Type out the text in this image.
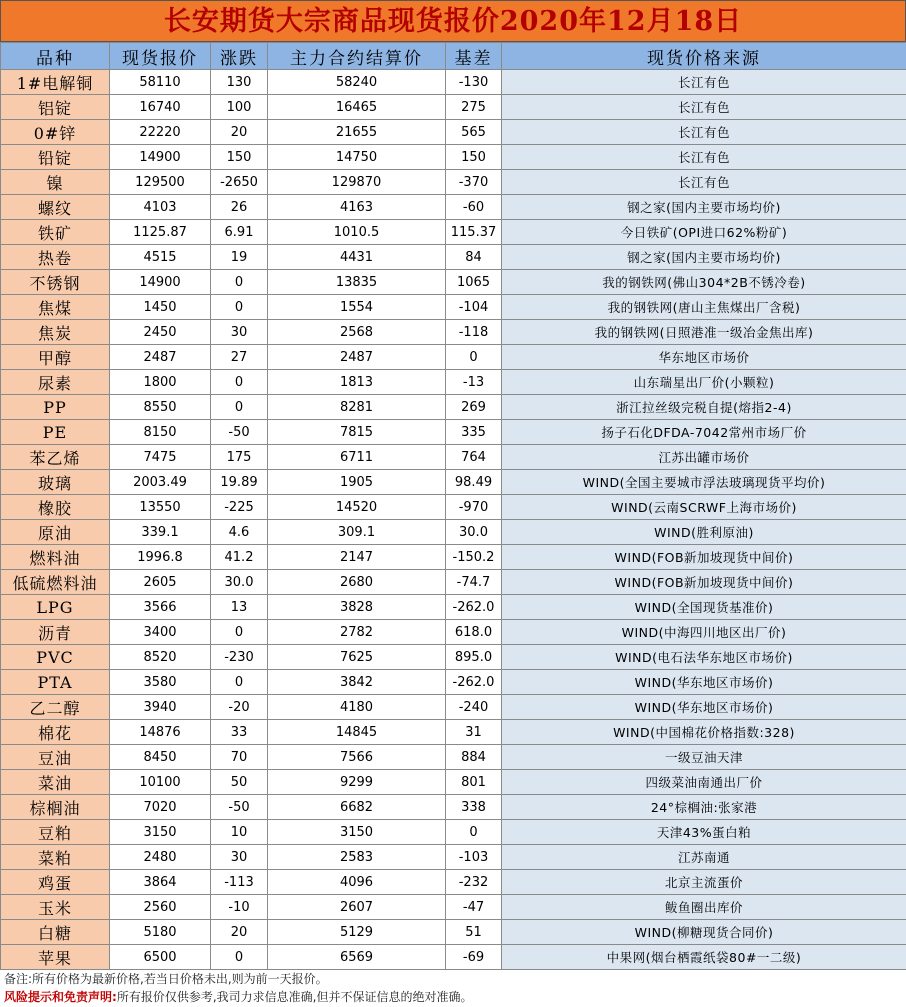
长安期货大宗商品现货报价2020年12月18日
品种	现货报价	涨跌	主力合约结算价	基差	现货价格来源
1#电解铜	58110	130	58240	-130	长江有色
铝锭	16740	100	16465	275	长江有色
0#锌	22220	20	21655	565	长江有色
铅锭	14900	150	14750	150	长江有色
镍	129500	-2650	129870	-370	长江有色
螺纹	4103	26	4163	-60	钢之家(国内主要市场均价)
铁矿	1125.87	6.91	1010.5	115.37	今日铁矿(OPI进口62%粉矿)
热卷	4515	19	4431	84	钢之家(国内主要市场均价)
不锈钢	14900	0	13835	1065	我的钢铁网(佛山304*2B不锈冷卷)
焦煤	1450	0	1554	-104	我的钢铁网(唐山主焦煤出厂含税)
焦炭	2450	30	2568	-118	我的钢铁网(日照港准一级冶金焦出库)
甲醇	2487	27	2487	0	华东地区市场价
尿素	1800	0	1813	-13	山东瑞星出厂价(小颗粒)
PP	8550	0	8281	269	浙江拉丝级完税自提(熔指2-4)
PE	8150	-50	7815	335	扬子石化DFDA-7042常州市场厂价
苯乙烯	7475	175	6711	764	江苏出罐市场价
玻璃	2003.49	19.89	1905	98.49	WIND(全国主要城市浮法玻璃现货平均价)
橡胶	13550	-225	14520	-970	WIND(云南SCRWF上海市场价)
原油	339.1	4.6	309.1	30.0	WIND(胜利原油)
燃料油	1996.8	41.2	2147	-150.2	WIND(FOB新加坡现货中间价)
低硫燃料油	2605	30.0	2680	-74.7	WIND(FOB新加坡现货中间价)
LPG	3566	13	3828	-262.0	WIND(全国现货基准价)
沥青	3400	0	2782	618.0	WIND(中海四川地区出厂价)
PVC	8520	-230	7625	895.0	WIND(电石法华东地区市场价)
PTA	3580	0	3842	-262.0	WIND(华东地区市场价)
乙二醇	3940	-20	4180	-240	WIND(华东地区市场价)
棉花	14876	33	14845	31	WIND(中国棉花价格指数:328)
豆油	8450	70	7566	884	一级豆油天津
菜油	10100	50	9299	801	四级菜油南通出厂价
棕榈油	7020	-50	6682	338	24°棕榈油:张家港
豆粕	3150	10	3150	0	天津43%蛋白粕
菜粕	2480	30	2583	-103	江苏南通
鸡蛋	3864	-113	4096	-232	北京主流蛋价
玉米	2560	-10	2607	-47	鲅鱼圈出库价
白糖	5180	20	5129	51	WIND(柳糖现货合同价)
苹果	6500	0	6569	-69	中果网(烟台栖霞纸袋80#一二级)
备注:所有价格为最新价格,若当日价格未出,则为前一天报价。
风险提示和免责声明:所有报价仅供参考,我司力求信息准确,但并不保证信息的绝对准确。
